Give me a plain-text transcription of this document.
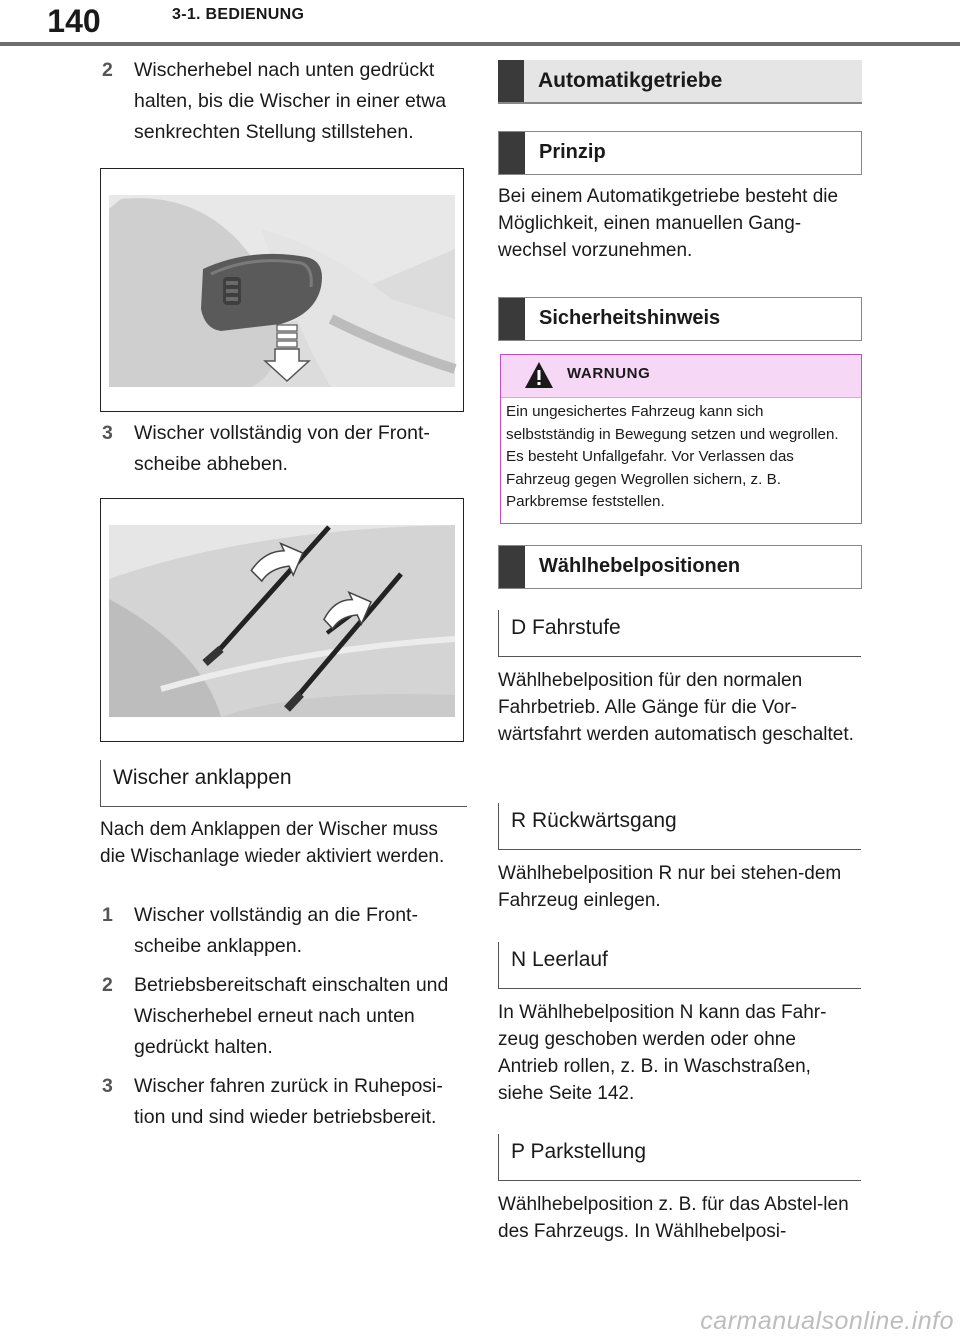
140	3-1. BEDIENUNG
2 Wischerhebel nach unten gedrückt halten, bis die Wischer in einer etwa senkrechten Stellung stillstehen.
3 Wischer vollständig von der Front-scheibe abheben.
Wischer anklappen
Nach dem Anklappen der Wischer muss die Wischanlage wieder aktiviert werden.
1 Wischer vollständig an die Front-scheibe anklappen.
2 Betriebsbereitschaft einschalten und Wischerhebel erneut nach unten gedrückt halten.
3 Wischer fahren zurück in Ruheposi-tion und sind wieder betriebsbereit.
Automatikgetriebe
Prinzip
Bei einem Automatikgetriebe besteht die Möglichkeit, einen manuellen Gang-wechsel vorzunehmen.
Sicherheitshinweis
WARNUNG
Ein ungesichertes Fahrzeug kann sich selbstständig in Bewegung setzen und wegrollen. Es besteht Unfallgefahr. Vor Verlassen das Fahrzeug gegen Wegrollen sichern, z. B. Parkbremse feststellen.
Wählhebelpositionen
D Fahrstufe
Wählhebelposition für den normalen Fahrbetrieb. Alle Gänge für die Vor-wärtsfahrt werden automatisch geschaltet.
R Rückwärtsgang
Wählhebelposition R nur bei stehen-dem Fahrzeug einlegen.
N Leerlauf
In Wählhebelposition N kann das Fahr-zeug geschoben werden oder ohne Antrieb rollen, z. B. in Waschstraßen, siehe Seite 142.
P Parkstellung
Wählhebelposition z. B. für das Abstel-len des Fahrzeugs. In Wählhebelposi-
carmanualsonline.info
